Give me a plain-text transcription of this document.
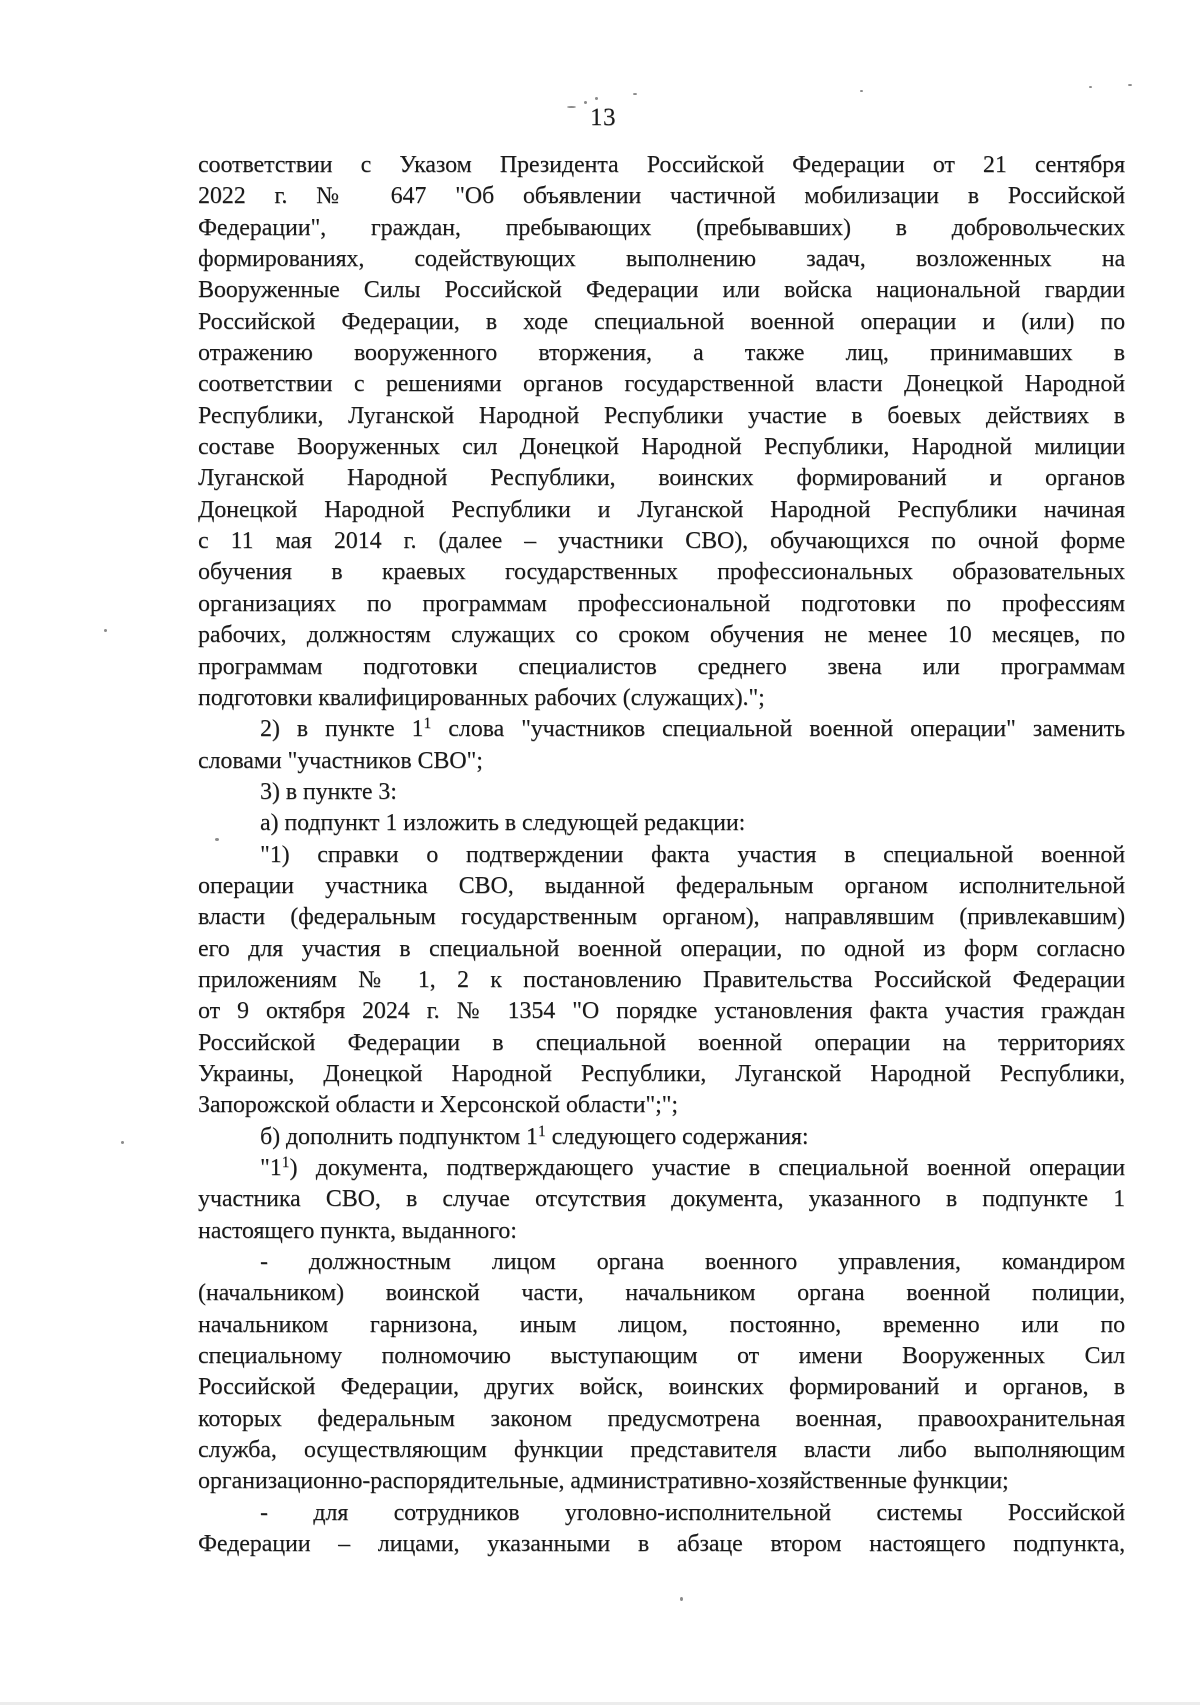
13
соответствии с Указом Президента Российской Федерации от 21 сентября
2022 г. № 647 "Об объявлении частичной мобилизации в Российской
Федерации", граждан, пребывающих (пребывавших) в добровольческих
формированиях, содействующих выполнению задач, возложенных на
Вооруженные Силы Российской Федерации или войска национальной гвардии
Российской Федерации, в ходе специальной военной операции и (или) по
отражению вооруженного вторжения, а также лиц, принимавших в
соответствии с решениями органов государственной власти Донецкой Народной
Республики, Луганской Народной Республики участие в боевых действиях в
составе Вооруженных сил Донецкой Народной Республики, Народной милиции
Луганской Народной Республики, воинских формирований и органов
Донецкой Народной Республики и Луганской Народной Республики начиная
с 11 мая 2014 г. (далее – участники СВО), обучающихся по очной форме
обучения в краевых государственных профессиональных образовательных
организациях по программам профессиональной подготовки по профессиям
рабочих, должностям служащих со сроком обучения не менее 10 месяцев, по
программам подготовки специалистов среднего звена или программам
подготовки квалифицированных рабочих (служащих).";
2) в пункте $1^1$ слова "участников специальной военной операции" заменить
словами "участников СВО";
3) в пункте 3:
а) подпункт 1 изложить в следующей редакции:
"1) справки о подтверждении факта участия в специальной военной
операции участника СВО, выданной федеральным органом исполнительной
власти (федеральным государственным органом), направлявшим (привлекавшим)
его для участия в специальной военной операции, по одной из форм согласно
приложениям № 1, 2 к постановлению Правительства Российской Федерации
от 9 октября 2024 г. № 1354 "О порядке установления факта участия граждан
Российской Федерации в специальной военной операции на территориях
Украины, Донецкой Народной Республики, Луганской Народной Республики,
Запорожской области и Херсонской области";";
б) дополнить подпунктом $1^1$ следующего содержания:
"$1^1$) документа, подтверждающего участие в специальной военной операции
участника СВО, в случае отсутствия документа, указанного в подпункте 1
настоящего пункта, выданного:
- должностным лицом органа военного управления, командиром
(начальником) воинской части, начальником органа военной полиции,
начальником гарнизона, иным лицом, постоянно, временно или по
специальному полномочию выступающим от имени Вооруженных Сил
Российской Федерации, других войск, воинских формирований и органов, в
которых федеральным законом предусмотрена военная, правоохранительная
служба, осуществляющим функции представителя власти либо выполняющим
организационно-распорядительные, административно-хозяйственные функции;
- для сотрудников уголовно-исполнительной системы Российской
Федерации – лицами, указанными в абзаце втором настоящего подпункта,
